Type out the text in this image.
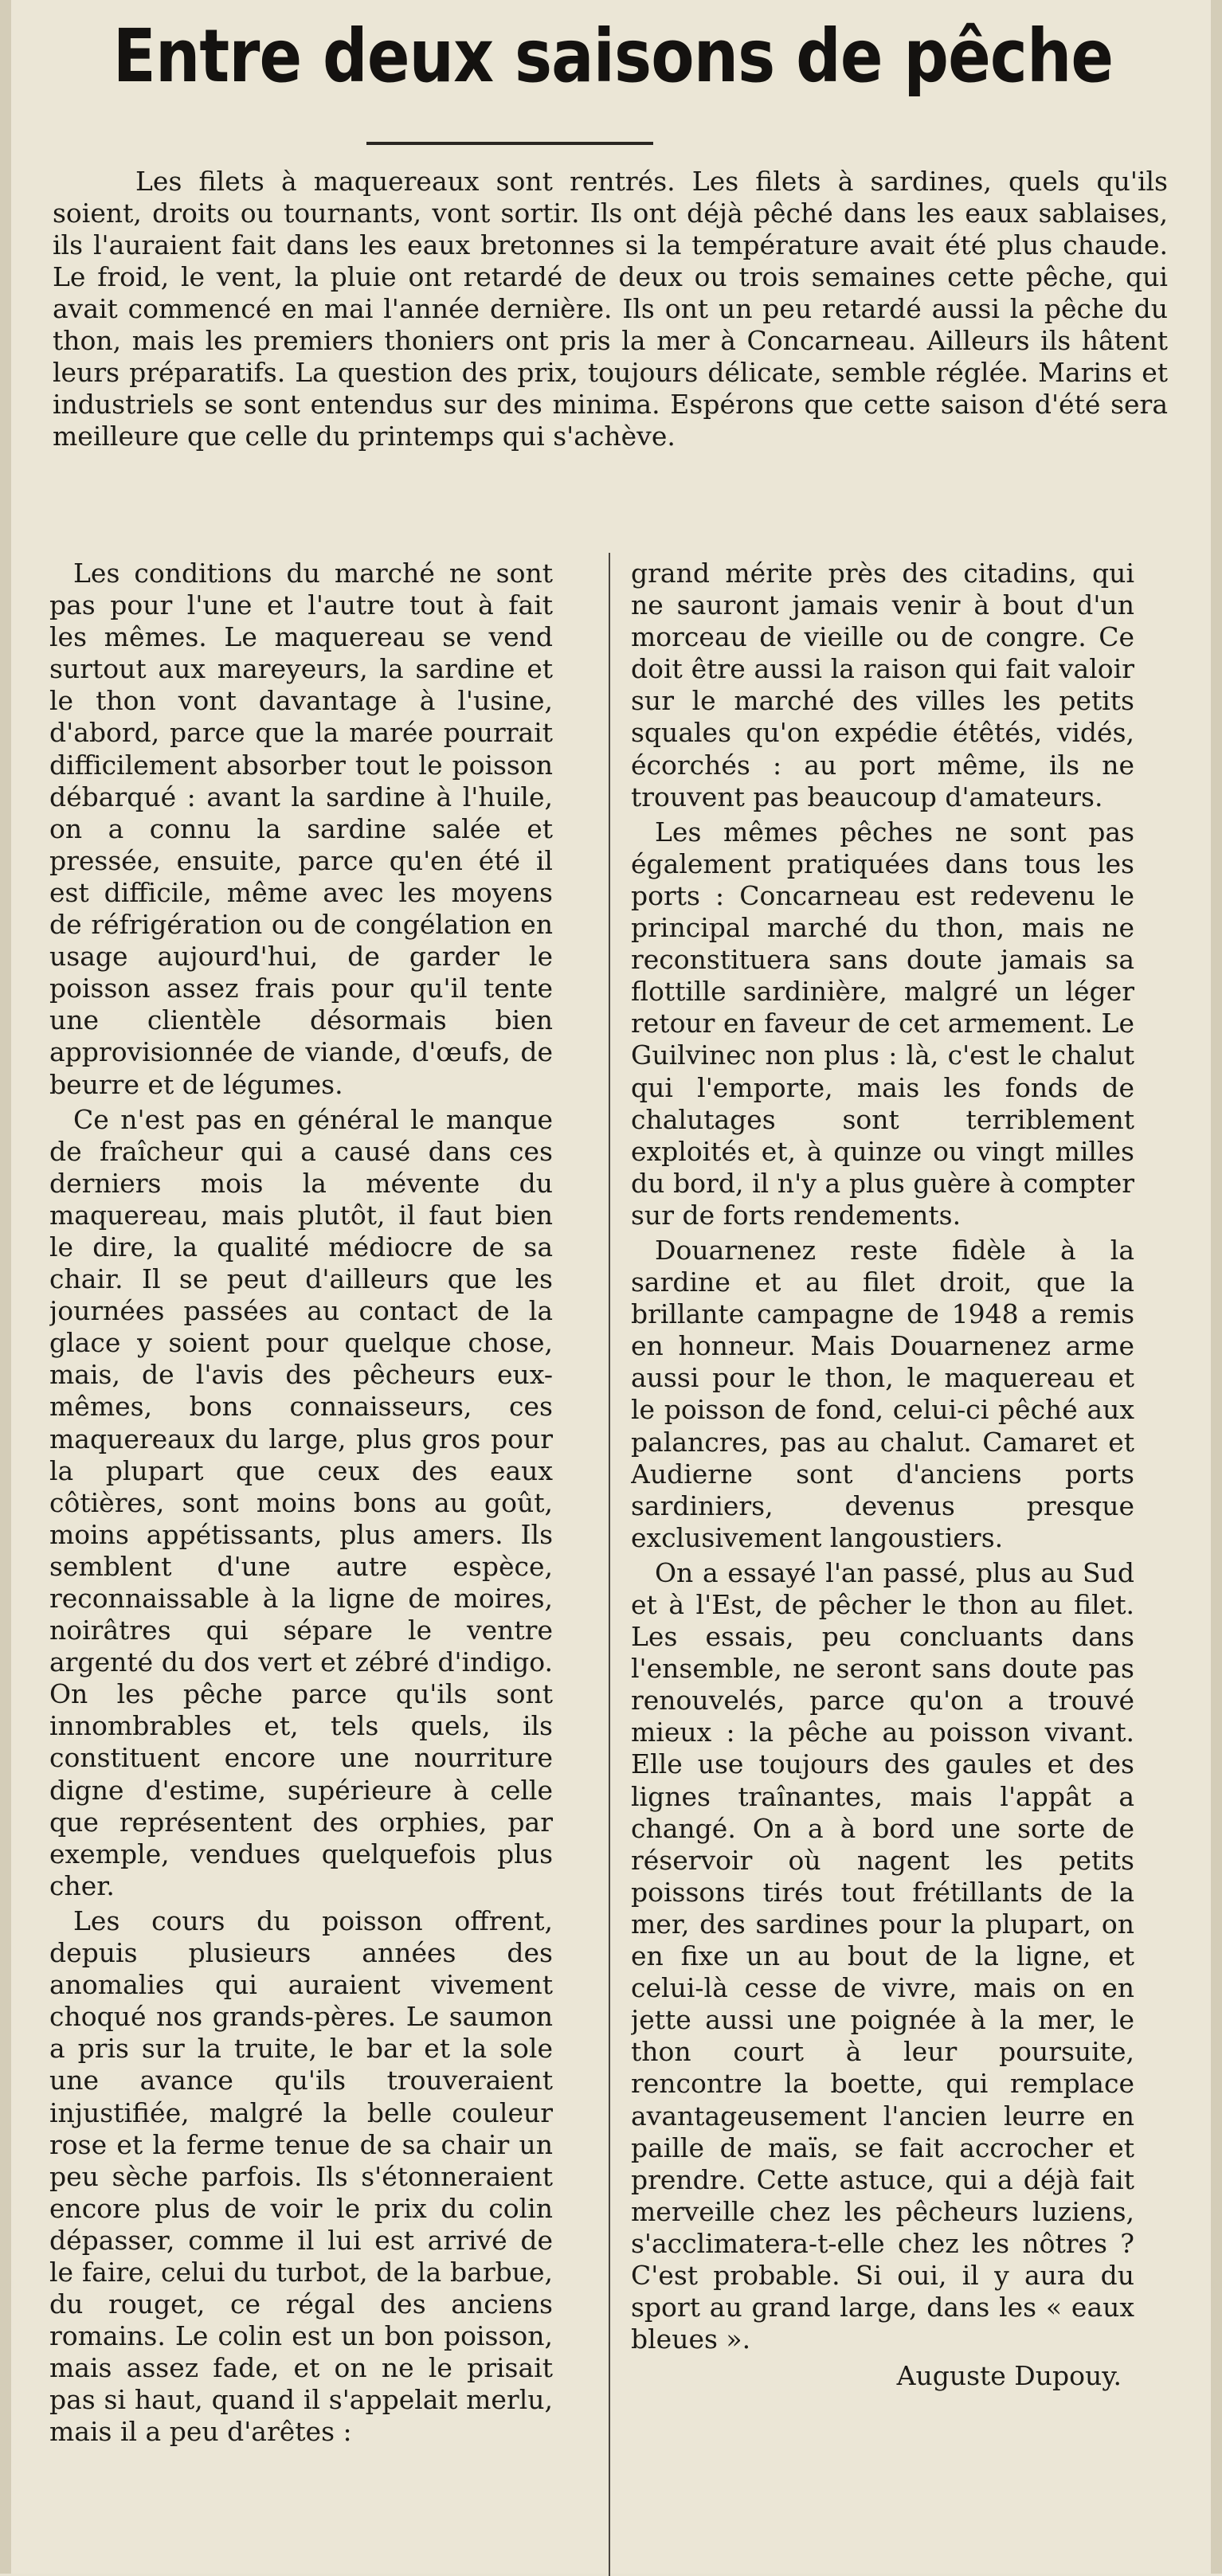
Entre deux saisons de pêche

Les filets à maquereaux sont rentrés. Les filets à sardines, quels qu'ils soient, droits ou tournants, vont sortir. Ils ont déjà pêché dans les eaux sablaises, ils l'auraient fait dans les eaux bretonnes si la température avait été plus chaude. Le froid, le vent, la pluie ont retardé de deux ou trois semaines cette pêche, qui avait commencé en mai l'année dernière. Ils ont un peu retardé aussi la pêche du thon, mais les premiers thoniers ont pris la mer à Concarneau. Ailleurs ils hâtent leurs préparatifs. La question des prix, toujours délicate, semble réglée. Marins et industriels se sont entendus sur des minima. Espérons que cette saison d'été sera meilleure que celle du printemps qui s'achève.

Les conditions du marché ne sont pas pour l'une et l'autre tout à fait les mêmes. Le maquereau se vend surtout aux mareyeurs, la sardine et le thon vont davantage à l'usine, d'abord, parce que la marée pourrait difficilement absorber tout le poisson débarqué : avant la sardine à l'huile, on a connu la sardine salée et pressée, ensuite, parce qu'en été il est difficile, même avec les moyens de réfrigération ou de congélation en usage aujourd'hui, de garder le poisson assez frais pour qu'il tente une clientèle désormais bien approvisionnée de viande, d'œufs, de beurre et de légumes.

Ce n'est pas en général le manque de fraîcheur qui a causé dans ces derniers mois la mévente du maquereau, mais plutôt, il faut bien le dire, la qualité médiocre de sa chair. Il se peut d'ailleurs que les journées passées au contact de la glace y soient pour quelque chose, mais, de l'avis des pêcheurs eux-mêmes, bons connaisseurs, ces maquereaux du large, plus gros pour la plupart que ceux des eaux côtières, sont moins bons au goût, moins appétissants, plus amers. Ils semblent d'une autre espèce, reconnaissable à la ligne de moires, noirâtres qui sépare le ventre argenté du dos vert et zébré d'indigo. On les pêche parce qu'ils sont innombrables et, tels quels, ils constituent encore une nourriture digne d'estime, supérieure à celle que représentent des orphies, par exemple, vendues quelquefois plus cher.

Les cours du poisson offrent, depuis plusieurs années des anomalies qui auraient vivement choqué nos grands-pères. Le saumon a pris sur la truite, le bar et la sole une avance qu'ils trouveraient injustifiée, malgré la belle couleur rose et la ferme tenue de sa chair un peu sèche parfois. Ils s'étonneraient encore plus de voir le prix du colin dépasser, comme il lui est arrivé de le faire, celui du turbot, de la barbue, du rouget, ce régal des anciens romains. Le colin est un bon poisson, mais assez fade, et on ne le prisait pas si haut, quand il s'appelait merlu, mais il a peu d'arêtes :

grand mérite près des citadins, qui ne sauront jamais venir à bout d'un morceau de vieille ou de congre. Ce doit être aussi la raison qui fait valoir sur le marché des villes les petits squales qu'on expédie étêtés, vidés, écorchés : au port même, ils ne trouvent pas beaucoup d'amateurs.

Les mêmes pêches ne sont pas également pratiquées dans tous les ports : Concarneau est redevenu le principal marché du thon, mais ne reconstituera sans doute jamais sa flottille sardinière, malgré un léger retour en faveur de cet armement. Le Guilvinec non plus : là, c'est le chalut qui l'emporte, mais les fonds de chalutages sont terriblement exploités et, à quinze ou vingt milles du bord, il n'y a plus guère à compter sur de forts rendements.

Douarnenez reste fidèle à la sardine et au filet droit, que la brillante campagne de 1948 a remis en honneur. Mais Douarnenez arme aussi pour le thon, le maquereau et le poisson de fond, celui-ci pêché aux palancres, pas au chalut. Camaret et Audierne sont d'anciens ports sardiniers, devenus presque exclusivement langoustiers.

On a essayé l'an passé, plus au Sud et à l'Est, de pêcher le thon au filet. Les essais, peu concluants dans l'ensemble, ne seront sans doute pas renouvelés, parce qu'on a trouvé mieux : la pêche au poisson vivant. Elle use toujours des gaules et des lignes traînantes, mais l'appât a changé. On a à bord une sorte de réservoir où nagent les petits poissons tirés tout frétillants de la mer, des sardines pour la plupart, on en fixe un au bout de la ligne, et celui-là cesse de vivre, mais on en jette aussi une poignée à la mer, le thon court à leur poursuite, rencontre la boette, qui remplace avantageusement l'ancien leurre en paille de maïs, se fait accrocher et prendre. Cette astuce, qui a déjà fait merveille chez les pêcheurs luziens, s'acclimatera-t-elle chez les nôtres ? C'est probable. Si oui, il y aura du sport au grand large, dans les « eaux bleues ».

Auguste Dupouy.
